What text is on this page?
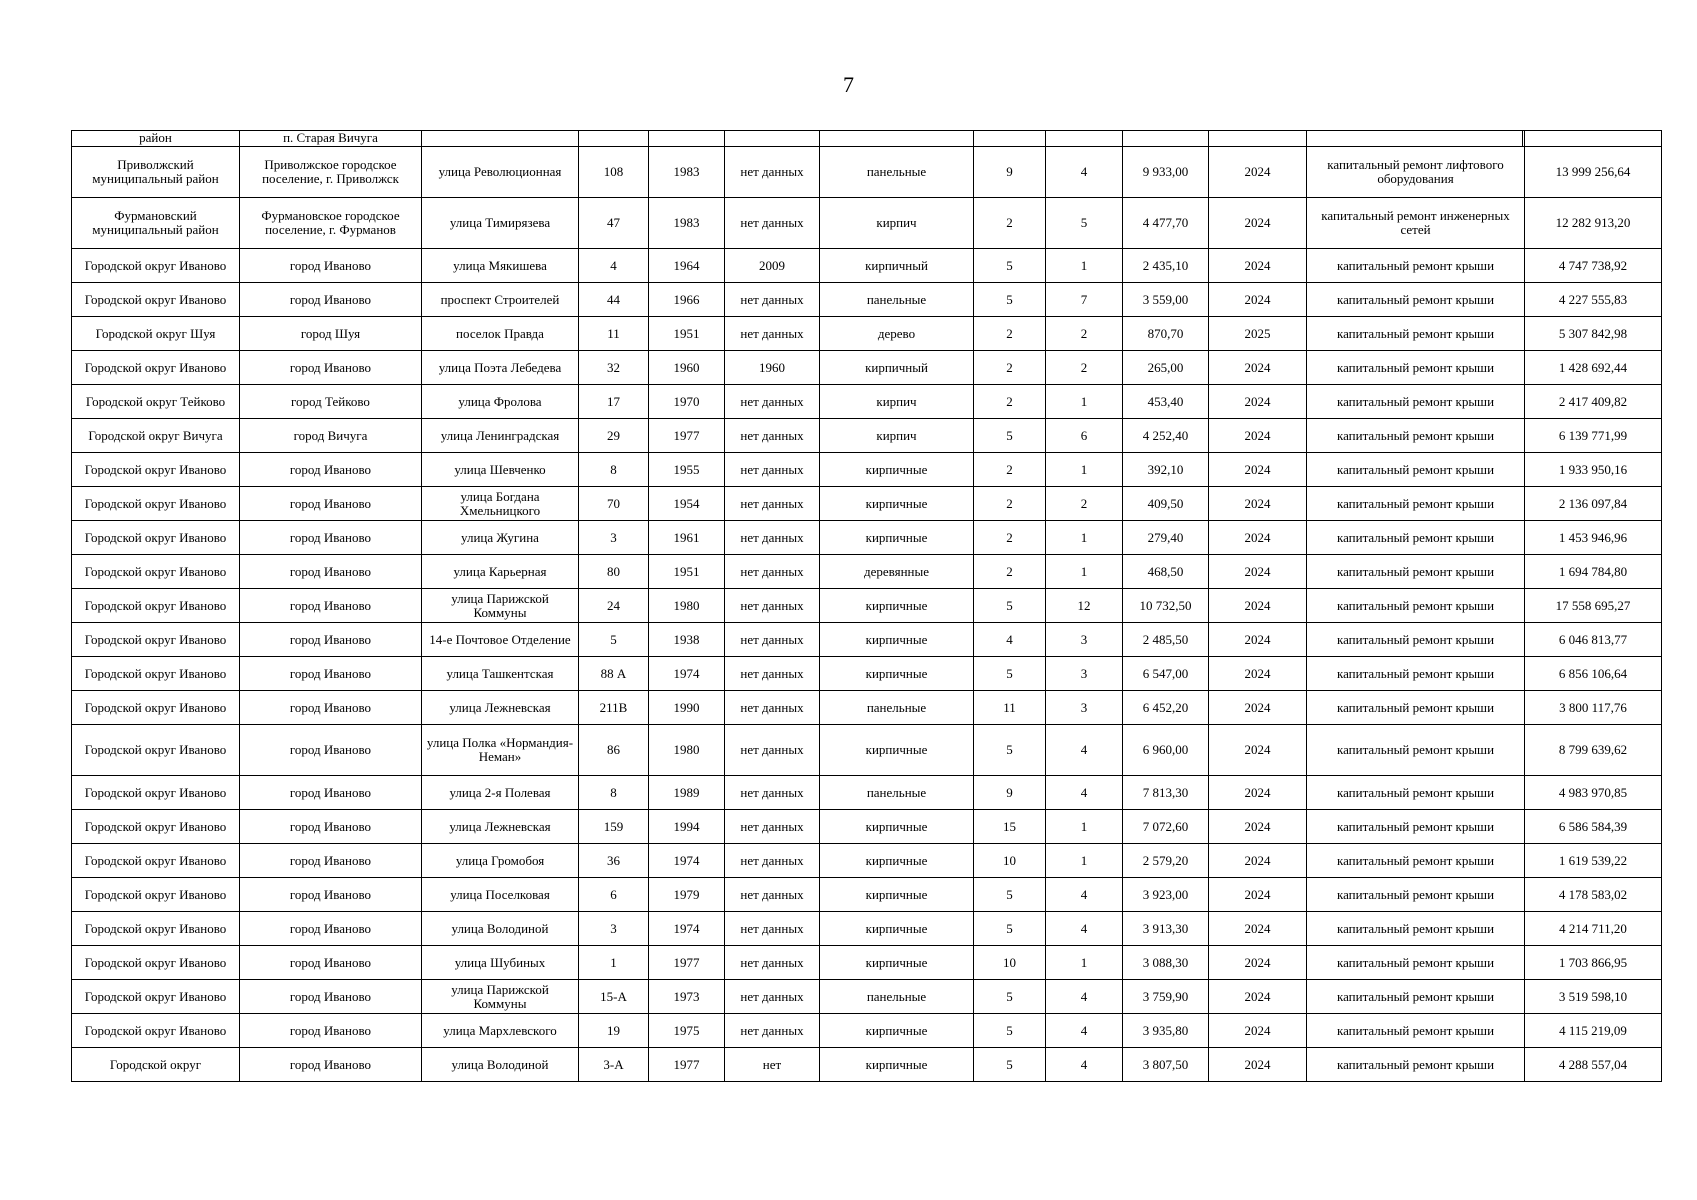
7
район	п. Старая Вичуга												
Приволжский муниципальный район	Приволжское городское поселение, г. Приволжск	улица Революционная	108	1983	нет данных	панельные	9	4	9 933,00	2024	капитальный ремонт лифтового оборудования		13 999 256,64
Фурмановский муниципальный район	Фурмановское городское поселение, г. Фурманов	улица Тимирязева	47	1983	нет данных	кирпич	2	5	4 477,70	2024	капитальный ремонт инженерных сетей		12 282 913,20
Городской округ Иваново	город Иваново	улица Мякишева	4	1964	2009	кирпичный	5	1	2 435,10	2024	капитальный ремонт крыши		4 747 738,92
Городской округ Иваново	город Иваново	проспект Строителей	44	1966	нет данных	панельные	5	7	3 559,00	2024	капитальный ремонт крыши		4 227 555,83
Городской округ Шуя	город Шуя	поселок Правда	11	1951	нет данных	дерево	2	2	870,70	2025	капитальный ремонт крыши		5 307 842,98
Городской округ Иваново	город Иваново	улица Поэта Лебедева	32	1960	1960	кирпичный	2	2	265,00	2024	капитальный ремонт крыши		1 428 692,44
Городской округ Тейково	город Тейково	улица Фролова	17	1970	нет данных	кирпич	2	1	453,40	2024	капитальный ремонт крыши		2 417 409,82
Городской округ Вичуга	город Вичуга	улица Ленинградская	29	1977	нет данных	кирпич	5	6	4 252,40	2024	капитальный ремонт крыши		6 139 771,99
Городской округ Иваново	город Иваново	улица Шевченко	8	1955	нет данных	кирпичные	2	1	392,10	2024	капитальный ремонт крыши		1 933 950,16
Городской округ Иваново	город Иваново	улица Богдана Хмельницкого	70	1954	нет данных	кирпичные	2	2	409,50	2024	капитальный ремонт крыши		2 136 097,84
Городской округ Иваново	город Иваново	улица Жугина	3	1961	нет данных	кирпичные	2	1	279,40	2024	капитальный ремонт крыши		1 453 946,96
Городской округ Иваново	город Иваново	улица Карьерная	80	1951	нет данных	деревянные	2	1	468,50	2024	капитальный ремонт крыши		1 694 784,80
Городской округ Иваново	город Иваново	улица Парижской Коммуны	24	1980	нет данных	кирпичные	5	12	10 732,50	2024	капитальный ремонт крыши		17 558 695,27
Городской округ Иваново	город Иваново	14-е Почтовое Отделение	5	1938	нет данных	кирпичные	4	3	2 485,50	2024	капитальный ремонт крыши		6 046 813,77
Городской округ Иваново	город Иваново	улица Ташкентская	88 А	1974	нет данных	кирпичные	5	3	6 547,00	2024	капитальный ремонт крыши		6 856 106,64
Городской округ Иваново	город Иваново	улица Лежневская	211В	1990	нет данных	панельные	11	3	6 452,20	2024	капитальный ремонт крыши		3 800 117,76
Городской округ Иваново	город Иваново	улица Полка «Нормандия-Неман»	86	1980	нет данных	кирпичные	5	4	6 960,00	2024	капитальный ремонт крыши		8 799 639,62
Городской округ Иваново	город Иваново	улица 2-я Полевая	8	1989	нет данных	панельные	9	4	7 813,30	2024	капитальный ремонт крыши		4 983 970,85
Городской округ Иваново	город Иваново	улица Лежневская	159	1994	нет данных	кирпичные	15	1	7 072,60	2024	капитальный ремонт крыши		6 586 584,39
Городской округ Иваново	город Иваново	улица Громобоя	36	1974	нет данных	кирпичные	10	1	2 579,20	2024	капитальный ремонт крыши		1 619 539,22
Городской округ Иваново	город Иваново	улица Поселковая	6	1979	нет данных	кирпичные	5	4	3 923,00	2024	капитальный ремонт крыши		4 178 583,02
Городской округ Иваново	город Иваново	улица Володиной	3	1974	нет данных	кирпичные	5	4	3 913,30	2024	капитальный ремонт крыши		4 214 711,20
Городской округ Иваново	город Иваново	улица Шубиных	1	1977	нет данных	кирпичные	10	1	3 088,30	2024	капитальный ремонт крыши		1 703 866,95
Городской округ Иваново	город Иваново	улица Парижской Коммуны	15-А	1973	нет данных	панельные	5	4	3 759,90	2024	капитальный ремонт крыши		3 519 598,10
Городской округ Иваново	город Иваново	улица Мархлевского	19	1975	нет данных	кирпичные	5	4	3 935,80	2024	капитальный ремонт крыши		4 115 219,09
Городской округ	город Иваново	улица Володиной	3-А	1977	нет	кирпичные	5	4	3 807,50	2024	капитальный ремонт крыши		4 288 557,04
